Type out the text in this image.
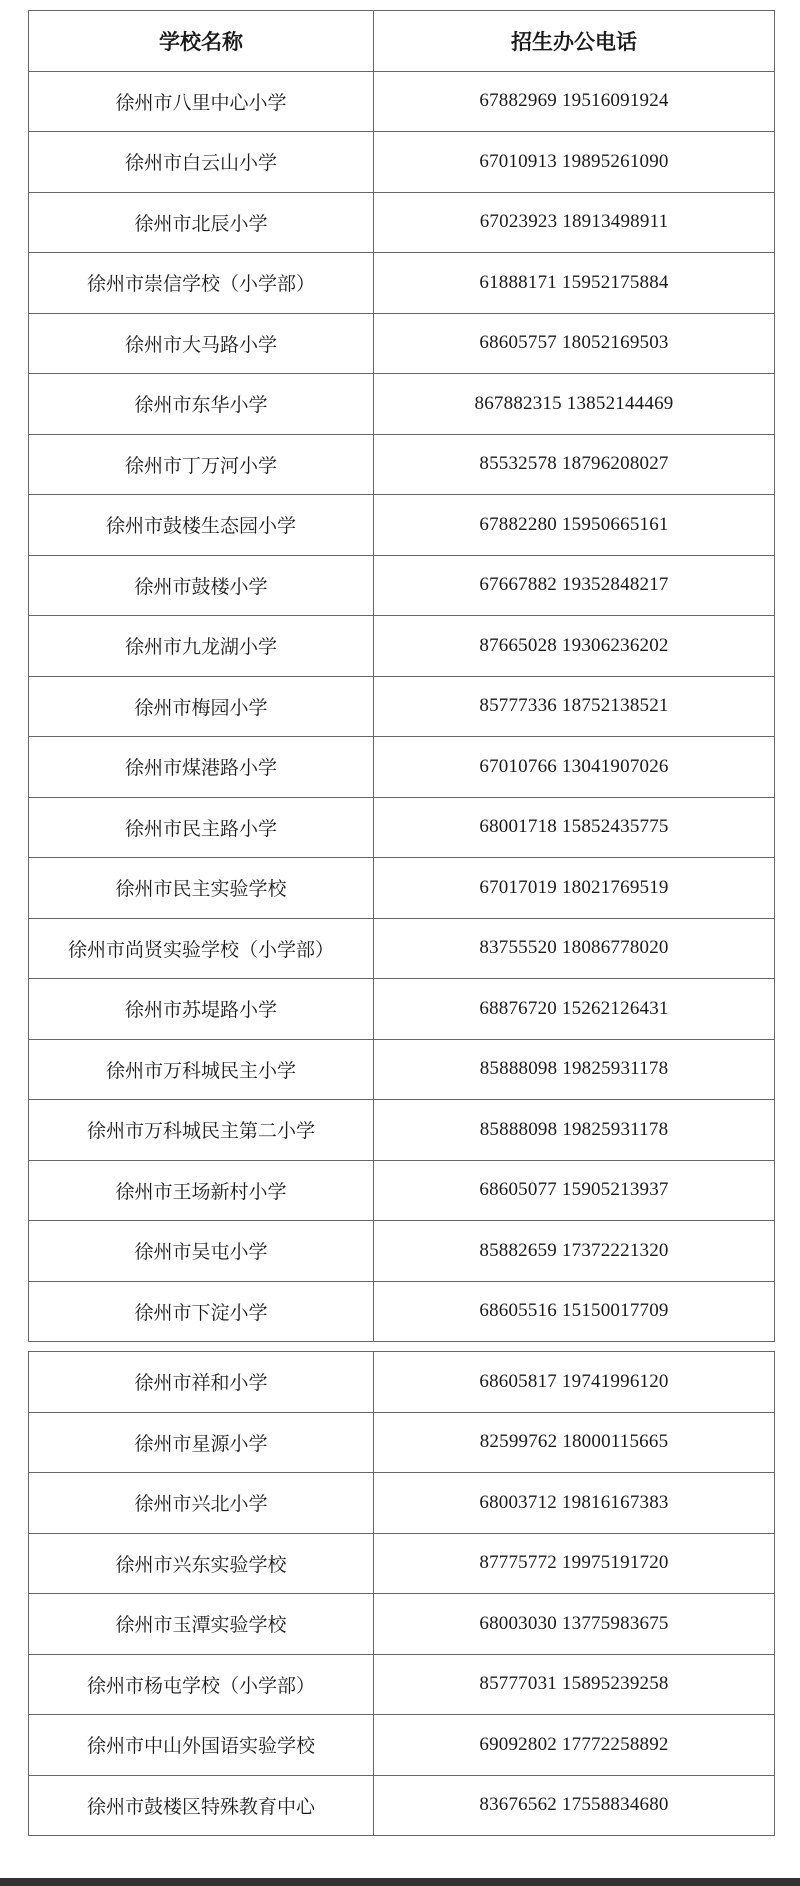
学校名称	招生办公电话
徐州市八里中心小学	67882969 19516091924
徐州市白云山小学	67010913 19895261090
徐州市北辰小学	67023923 18913498911
徐州市崇信学校（小学部）	61888171 15952175884
徐州市大马路小学	68605757 18052169503
徐州市东华小学	867882315 13852144469
徐州市丁万河小学	85532578 18796208027
徐州市鼓楼生态园小学	67882280 15950665161
徐州市鼓楼小学	67667882 19352848217
徐州市九龙湖小学	87665028 19306236202
徐州市梅园小学	85777336 18752138521
徐州市煤港路小学	67010766 13041907026
徐州市民主路小学	68001718 15852435775
徐州市民主实验学校	67017019 18021769519
徐州市尚贤实验学校（小学部）	83755520 18086778020
徐州市苏堤路小学	68876720 15262126431
徐州市万科城民主小学	85888098 19825931178
徐州市万科城民主第二小学	85888098 19825931178
徐州市王场新村小学	68605077 15905213937
徐州市吴屯小学	85882659 17372221320
徐州市下淀小学	68605516 15150017709
徐州市祥和小学	68605817 19741996120
徐州市星源小学	82599762 18000115665
徐州市兴北小学	68003712 19816167383
徐州市兴东实验学校	87775772 19975191720
徐州市玉潭实验学校	68003030 13775983675
徐州市杨屯学校（小学部）	85777031 15895239258
徐州市中山外国语实验学校	69092802 17772258892
徐州市鼓楼区特殊教育中心	83676562 17558834680
